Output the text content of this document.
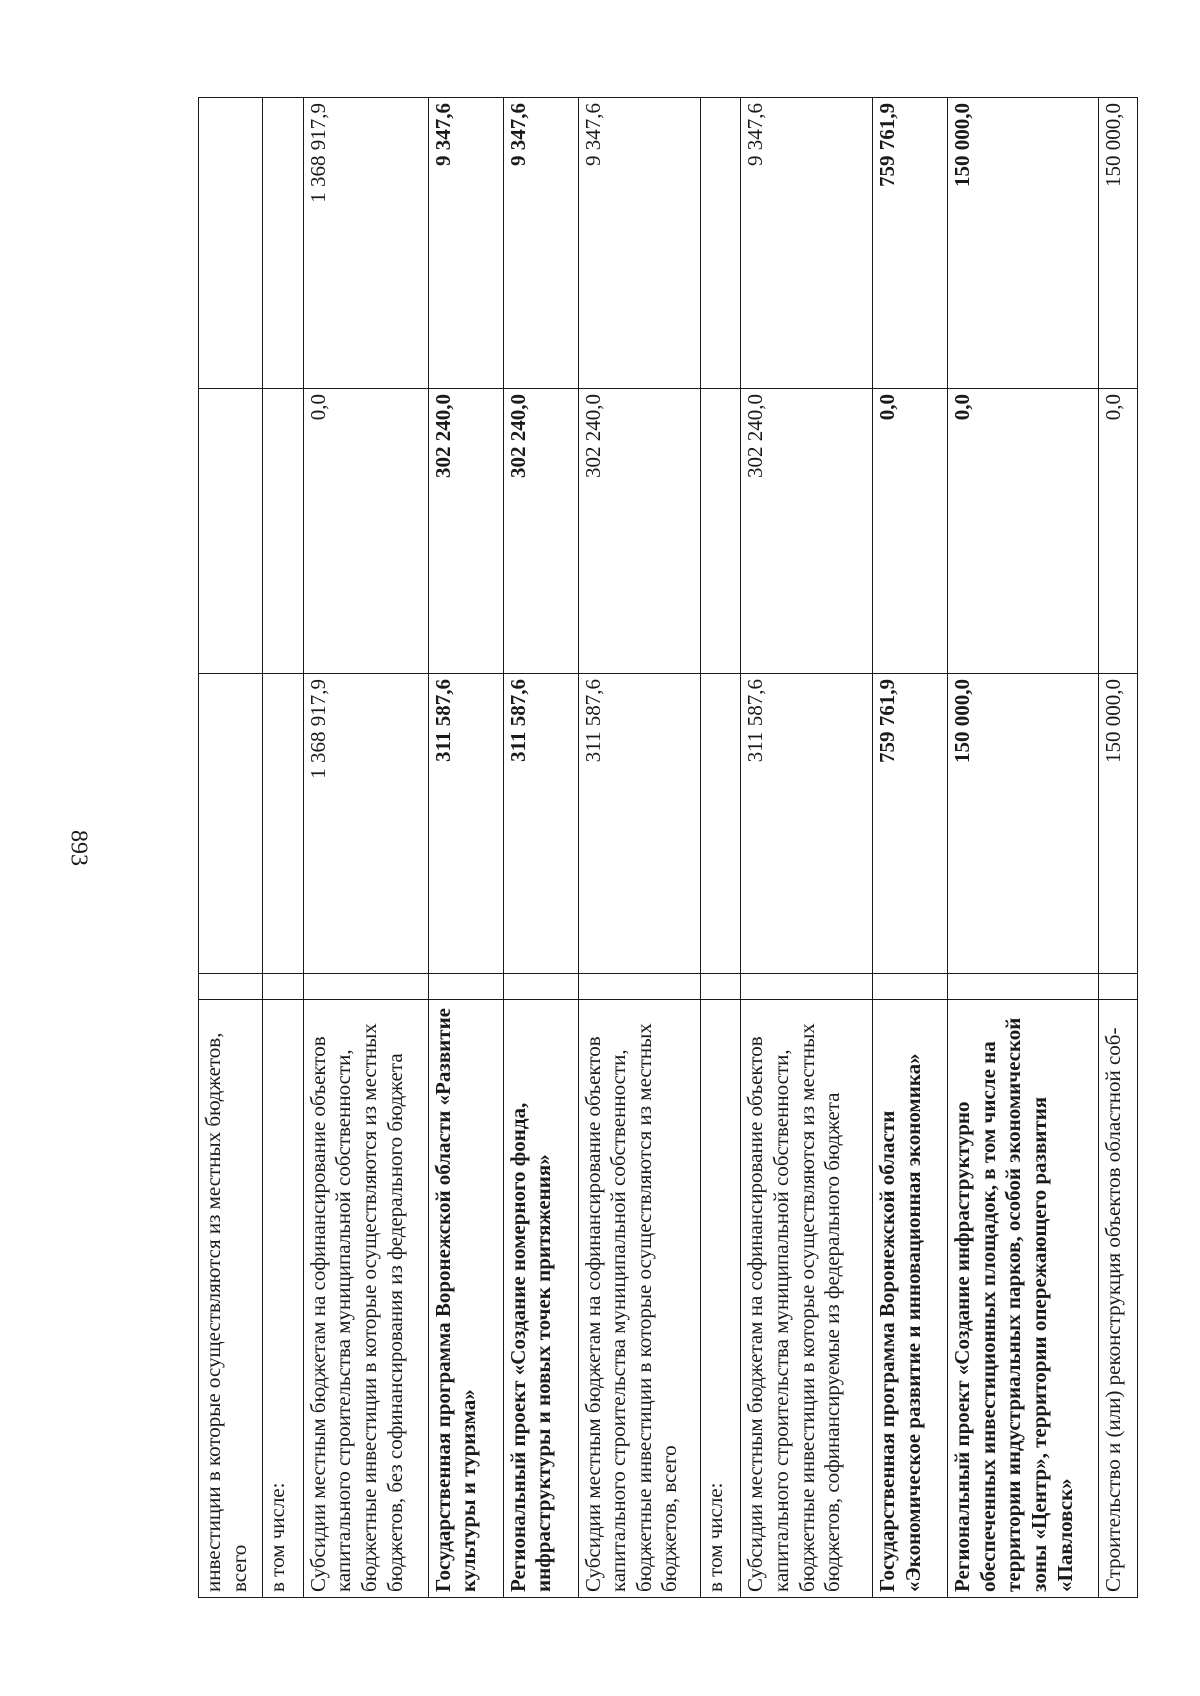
893
инвестиции в которые осуществляются из местных бюджетов, всего				
в том числе:				
Субсидии местным бюджетам на софинансирование объектов капитального строительства муниципальной собственности, бюджетные инвестиции в которые осуществляются из местных бюджетов, без софинансирования из федерального бюджета		1 368 917,9	0,0	1 368 917,9
Государственная программа Воронежской области «Развитие культуры и туризма»		311 587,6	302 240,0	9 347,6
Региональный проект «Создание номерного фонда, инфраструктуры и новых точек притяжения»		311 587,6	302 240,0	9 347,6
Субсидии местным бюджетам на софинансирование объектов капитального строительства муниципальной собственности, бюджетные инвестиции в которые осуществляются из местных бюджетов, всего		311 587,6	302 240,0	9 347,6
в том числе:				
Субсидии местным бюджетам на софинансирование объектов капитального строительства муниципальной собственности, бюджетные инвестиции в которые осуществляются из местных бюджетов, софинансируемые из федерального бюджета		311 587,6	302 240,0	9 347,6
Государственная программа Воронежской области «Экономическое развитие и инновационная экономика»		759 761,9	0,0	759 761,9
Региональный проект «Создание инфраструктурно обеспеченных инвестиционных площадок, в том числе на территории индустриальных парков, особой экономической зоны «Центр», территории опережающего развития «Павловск»		150 000,0	0,0	150 000,0
Строительство и (или) реконструкция объектов областной соб-		150 000,0	0,0	150 000,0
